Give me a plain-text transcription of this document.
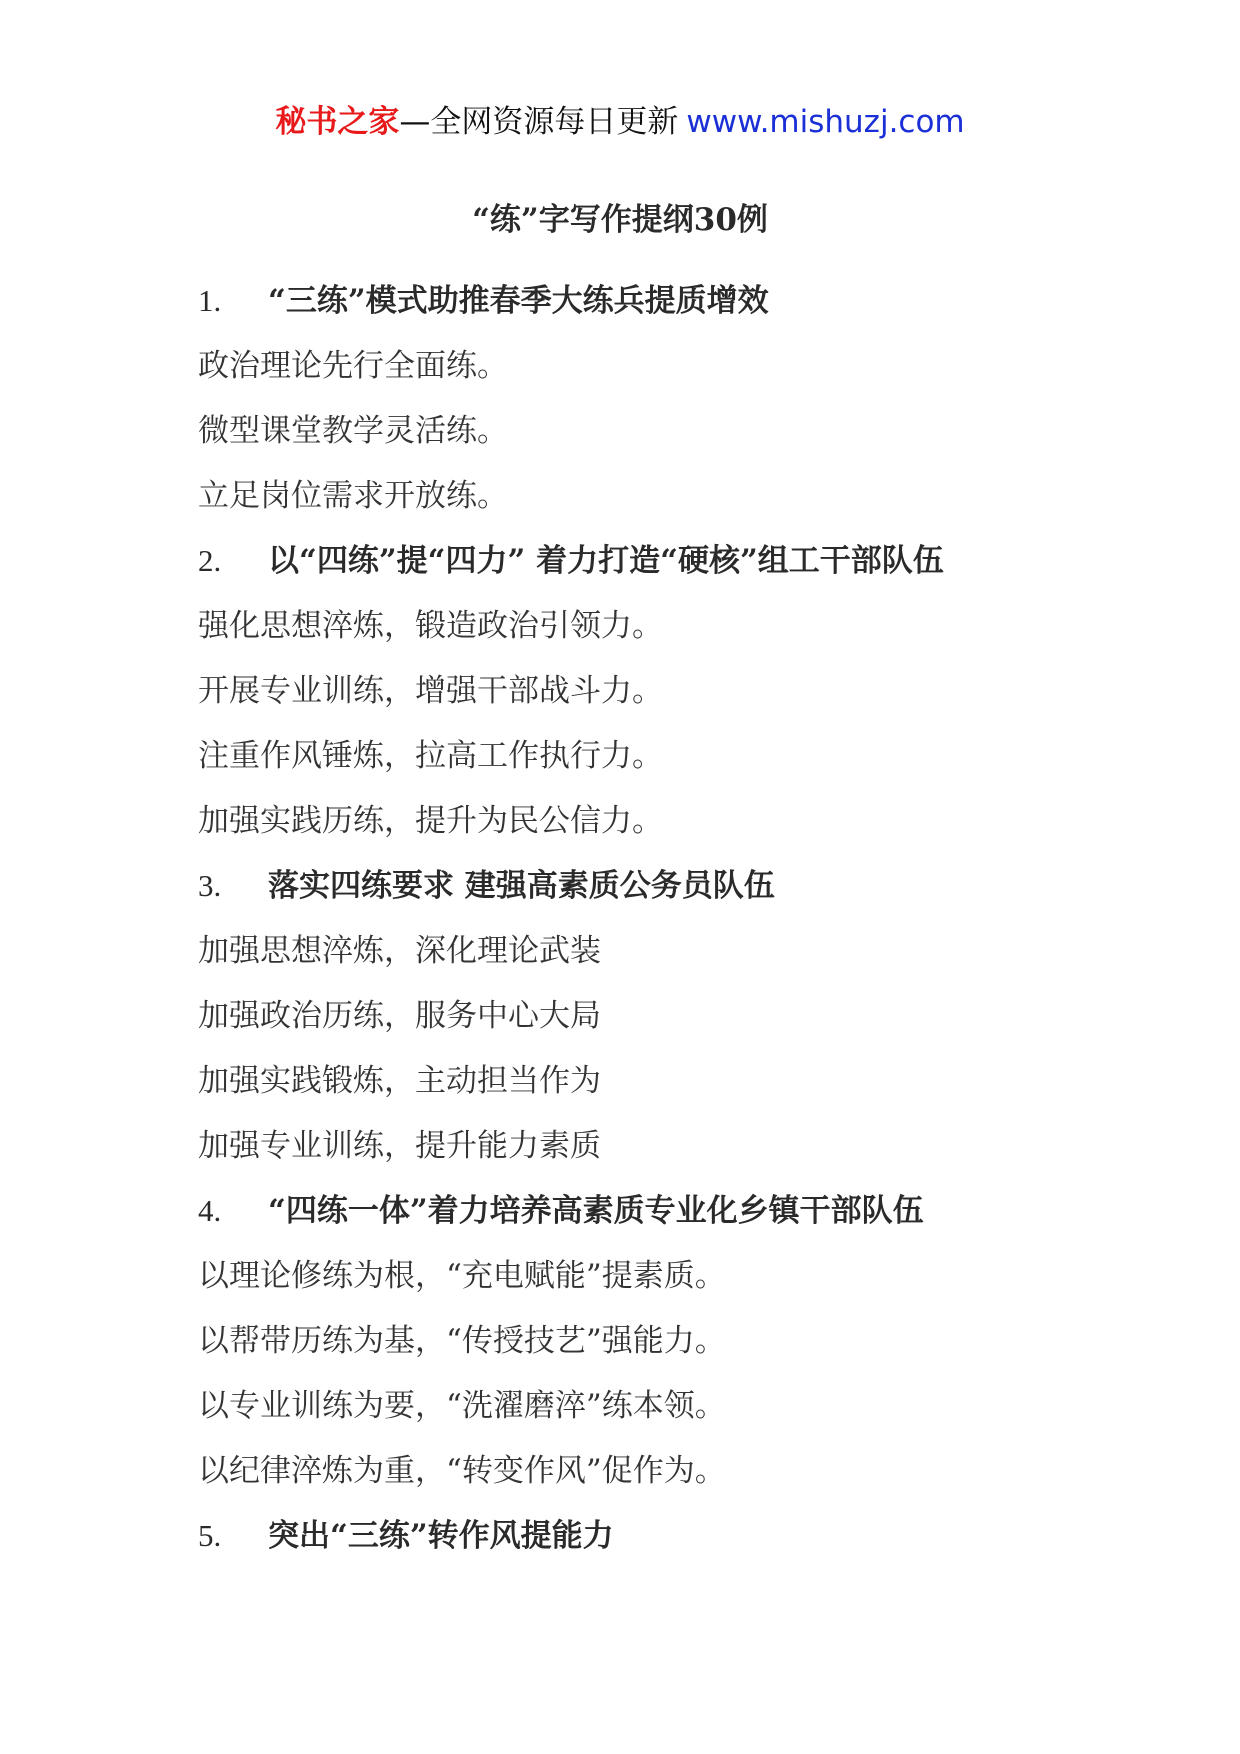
秘书之家—全网资源每日更新 www.mishuzj.com
“练”字写作提纲30例
1. “三练”模式助推春季大练兵提质增效
政治理论先行全面练。
微型课堂教学灵活练。
立足岗位需求开放练。
2. 以“四练”提“四力” 着力打造“硬核”组工干部队伍
强化思想淬炼，锻造政治引领力。
开展专业训练，增强干部战斗力。
注重作风锤炼，拉高工作执行力。
加强实践历练，提升为民公信力。
3. 落实四练要求 建强高素质公务员队伍
加强思想淬炼，深化理论武装
加强政治历练，服务中心大局
加强实践锻炼，主动担当作为
加强专业训练，提升能力素质
4. “四练一体”着力培养高素质专业化乡镇干部队伍
以理论修练为根，“充电赋能”提素质。
以帮带历练为基，“传授技艺”强能力。
以专业训练为要，“洗濯磨淬”练本领。
以纪律淬炼为重，“转变作风”促作为。
5. 突出“三练”转作风提能力
